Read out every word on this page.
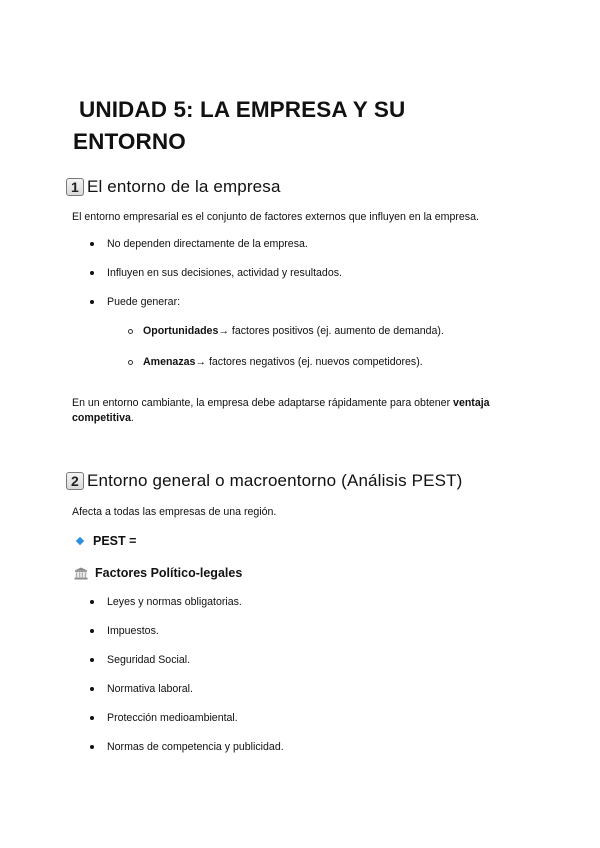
UNIDAD 5: LA EMPRESA Y SU ENTORNO
1 El entorno de la empresa

El entorno empresarial es el conjunto de factores externos que influyen en la empresa.

No dependen directamente de la empresa.
Influyen en sus decisiones, actividad y resultados.
Puede generar:
Oportunidades → factores positivos (ej. aumento de demanda).
Amenazas → factores negativos (ej. nuevos competidores).

En un entorno cambiante, la empresa debe adaptarse rápidamente para obtener ventaja competitiva.

2 Entorno general o macroentorno (Análisis PEST)

Afecta a todas las empresas de una región.

PEST =
Factores Político-legales
Leyes y normas obligatorias.
Impuestos.
Seguridad Social.
Normativa laboral.
Protección medioambiental.
Normas de competencia y publicidad.
